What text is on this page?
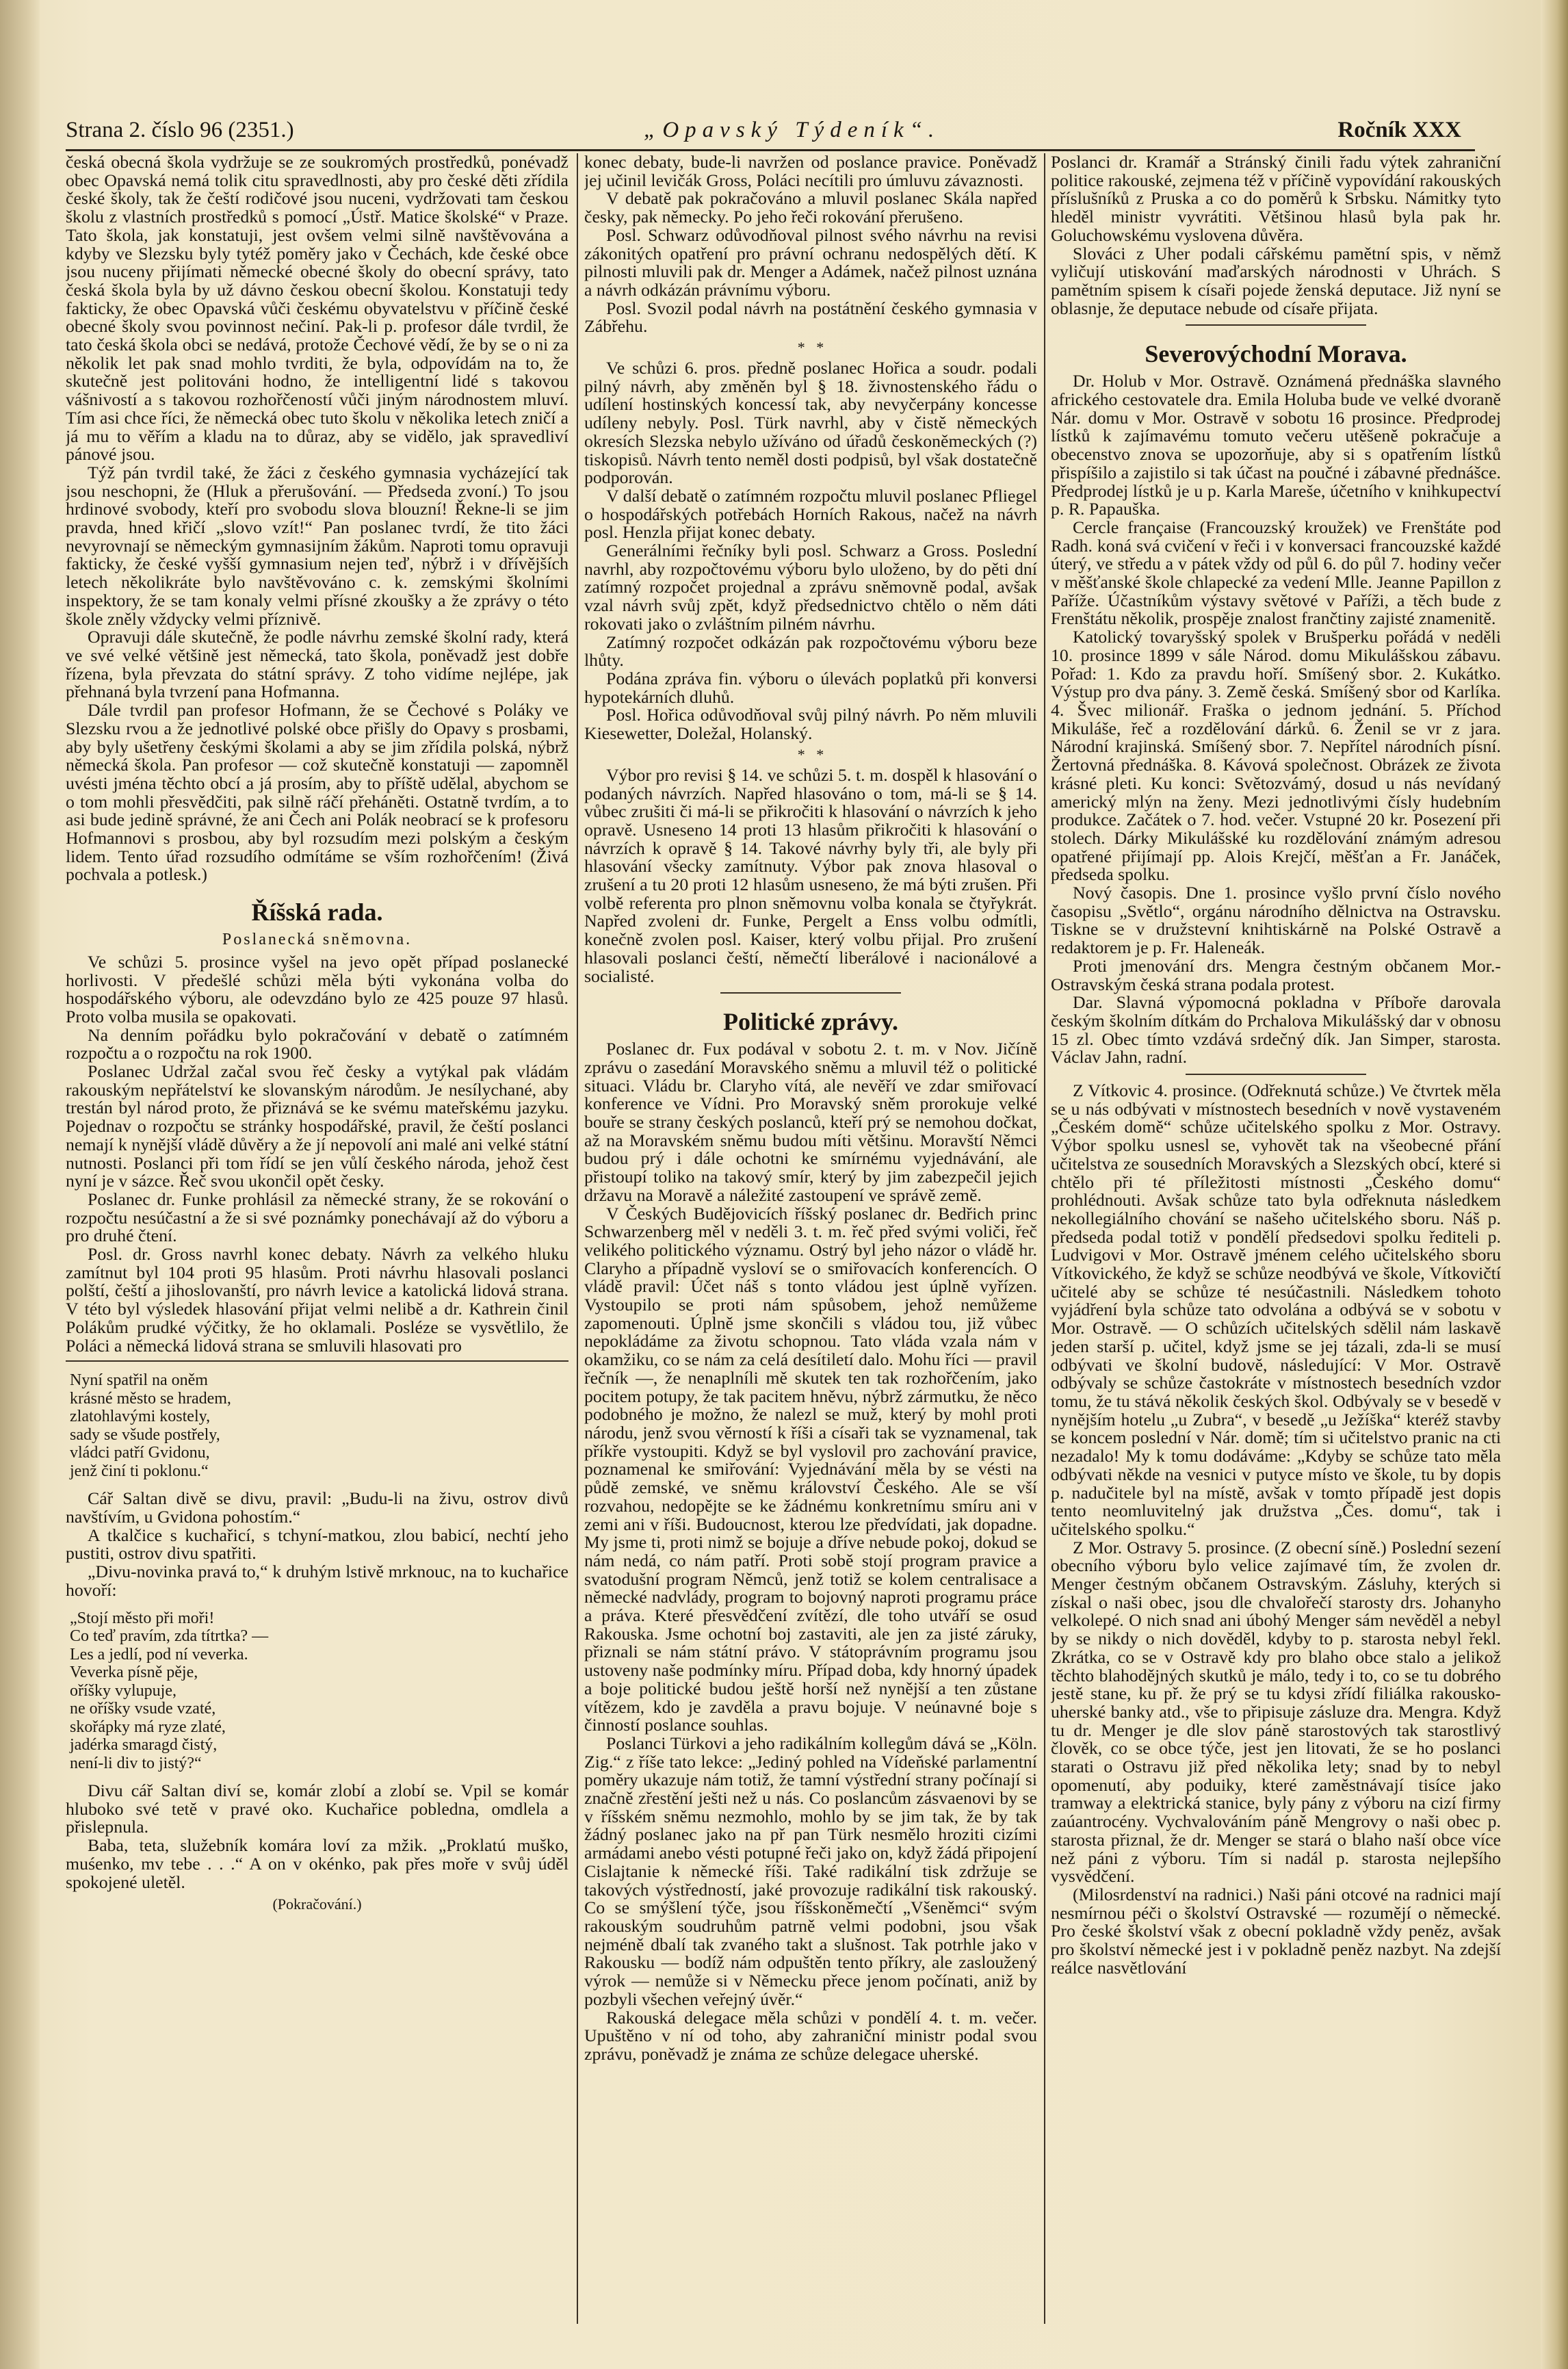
Strana 2. číslo 96 (2351.)	„Opavský Týdeník“.	Ročník XXX

česká obecná škola vydržuje se ze soukromých prostředků, ponévadž obec Opavská nemá tolik citu spravedlnosti, aby pro české děti zřídila české školy, tak že čeští rodičové jsou nuceni, vydržovati tam českou školu z vlastních prostředků s pomocí „Ústř. Matice školské“ v Praze. Tato škola, jak konstatuji, jest ovšem velmi silně navštěvována a kdyby ve Slezsku byly tytéž poměry jako v Čechách, kde české obce jsou nuceny přijímati německé obecné školy do obecní správy, tato česká škola byla by už dávno českou obecní školou. Konstatuji tedy fakticky, že obec Opavská vůči českému obyvatelstvu v příčině české obecné školy svou povinnost nečiní. Pak-li p. profesor dále tvrdil, že tato česká škola obci se nedává, protože Čechové vědí, že by se o ni za několik let pak snad mohlo tvrditi, že byla, odpovídám na to, že skutečně jest politováni hodno, že intelligentní lidé s takovou vášnivostí a s takovou rozhořčeností vůči jiným národnostem mluví. Tím asi chce říci, že německá obec tuto školu v několika letech zničí a já mu to věřím a kladu na to důraz, aby se vidělo, jak spravedliví pánové jsou.

Týž pán tvrdil také, že žáci z českého gymnasia vycházející tak jsou neschopni, že (Hluk a přerušování. — Předseda zvoní.) To jsou hrdinové svobody, kteří pro svobodu slova blouzní! Řekne-li se jim pravda, hned křičí „slovo vzít!“ Pan poslanec tvrdí, že tito žáci nevyrovnají se německým gymnasijním žákům. Naproti tomu opravuji fakticky, že české vyšší gymnasium nejen teď, nýbrž i v dřívějších letech několikráte bylo navštěvováno c. k. zemskými školními inspektory, že se tam konaly velmi přísné zkoušky a že zprávy o této škole zněly vždycky velmi příznivě.

Opravuji dále skutečně, že podle návrhu zemské školní rady, která ve své velké většině jest německá, tato škola, poněvadž jest dobře řízena, byla převzata do státní správy. Z toho vidíme nejlépe, jak přehnaná byla tvrzení pana Hofmanna.

Dále tvrdil pan profesor Hofmann, že se Čechové s Poláky ve Slezsku rvou a že jednotlivé polské obce přišly do Opavy s prosbami, aby byly ušetřeny českými školami a aby se jim zřídila polská, nýbrž německá škola. Pan profesor — což skutečně konstatuji — zapomněl uvésti jména těchto obcí a já prosím, aby to příště udělal, abychom se o tom mohli přesvědčiti, pak silně ráčí přeháněti. Ostatně tvrdím, a to asi bude jedině správné, že ani Čech ani Polák neobrací se k profesoru Hofmannovi s prosbou, aby byl rozsudím mezi polským a českým lidem. Tento úřad rozsudího odmítáme se vším rozhořčením! (Živá pochvala a potlesk.)

Říšská rada.
Poslanecká sněmovna.

Ve schůzi 5. prosince vyšel na jevo opět případ poslanecké horlivosti. V předešlé schůzi měla býti vykonána volba do hospodářského výboru, ale odevzdáno bylo ze 425 pouze 97 hlasů. Proto volba musila se opakovati.

Na denním pořádku bylo pokračování v debatě o zatímném rozpočtu a o rozpočtu na rok 1900.

Poslanec Udržal začal svou řeč česky a vytýkal pak vládám rakouským nepřátelství ke slovanským národům. Je nesílychané, aby trestán byl národ proto, že přiznává se ke svému mateřskému jazyku. Pojednav o rozpočtu se stránky hospodářské, pravil, že čeští poslanci nemají k nynější vládě důvěry a že jí nepovolí ani malé ani velké státní nutnosti. Poslanci při tom řídí se jen vůlí českého národa, jehož čest nyní je v sázce. Řeč svou ukončil opět česky.

Poslanec dr. Funke prohlásil za německé strany, že se rokování o rozpočtu nesúčastní a že si své poznámky ponechávají až do výboru a pro druhé čtení.

Posl. dr. Gross navrhl konec debaty. Návrh za velkého hluku zamítnut byl 104 proti 95 hlasům. Proti návrhu hlasovali poslanci polští, čeští a jihoslovanští, pro návrh levice a katolická lidová strana. V této byl výsledek hlasování přijat velmi nelibě a dr. Kathrein činil Polákům prudké výčitky, že ho oklamali. Posléze se vysvětlilo, že Poláci a německá lidová strana se smluvili hlasovati pro

Nyní spatřil na oněm
krásné město se hradem,
zlatohlavými kostely,
sady se všude postřely,
vládci patří Gvidonu,
jenž činí ti poklonu.“

Cář Saltan divě se divu, pravil: „Budu-li na živu, ostrov divů navštívím, u Gvidona pohostím.“

A tkalčice s kuchařicí, s tchyní-matkou, zlou babicí, nechtí jeho pustiti, ostrov divu spatřiti.

„Divu-novinka pravá to,“ k druhým lstivě mrknouc, na to kuchařice hovoří:

„Stojí město při moři!
Co teď pravím, zda títrtka? —
Les a jedlí, pod ní veverka.
Veverka písně pěje,
oříšky vylupuje,
ne oříšky vsude vzaté,
skořápky má ryze zlaté,
jadérka smaragd čistý,
není-li div to jistý?“

Divu cář Saltan diví se, komár zlobí a zlobí se. Vpil se komár hluboko své tetě v pravé oko. Kuchařice pobledna, omdlela a přislepnula.

Baba, teta, služebník komára loví za mžik. „Proklatú muško, muśenko, mv tebe . . .“ A on v okénko, pak přes moře v svůj úděl spokojené uletěl.

(Pokračování.)

konec debaty, bude-li navržen od poslance pravice. Poněvadž jej učinil levičák Gross, Poláci necítili pro úmluvu závaznosti.

V debatě pak pokračováno a mluvil poslanec Skála napřed česky, pak německy. Po jeho řeči rokování přerušeno.

Posl. Schwarz odůvodňoval pilnost svého návrhu na revisi zákonitých opatření pro právní ochranu nedospělých dětí. K pilnosti mluvili pak dr. Menger a Adámek, načež pilnost uznána a návrh odkázán právnímu výboru.

Posl. Svozil podal návrh na postátnění českého gymnasia v Zábřehu.

*   *

Ve schůzi 6. pros. předně poslanec Hořica a soudr. podali pilný návrh, aby změněn byl § 18. živnostenského řádu o udílení hostinských koncessí tak, aby nevyčerpány koncesse udíleny nebyly. Posl. Türk navrhl, aby v čistě německých okresích Slezska nebylo užíváno od úřadů českoněmeckých (?) tiskopisů. Návrh tento neměl dosti podpisů, byl však dostatečně podporován.

V další debatě o zatímném rozpočtu mluvil poslanec Pfliegel o hospodářských potřebách Horních Rakous, načež na návrh posl. Henzla přijat konec debaty.

Generálními řečníky byli posl. Schwarz a Gross. Poslední navrhl, aby rozpočtovému výboru bylo uloženo, by do pěti dní zatímný rozpočet projednal a zprávu sněmovně podal, avšak vzal návrh svůj zpět, když předsednictvo chtělo o něm dáti rokovati jako o zvláštním pilném návrhu.

Zatímný rozpočet odkázán pak rozpočtovému výboru beze lhůty.

Podána zpráva fin. výboru o úlevách poplatků při konversi hypotekárních dluhů.

Posl. Hořica odůvodňoval svůj pilný návrh. Po něm mluvili Kiesewetter, Doležal, Holanský.

*   *

Výbor pro revisi § 14. ve schůzi 5. t. m. dospěl k hlasování o podaných návrzích. Napřed hlasováno o tom, má-li se § 14. vůbec zrušiti či má-li se přikročiti k hlasování o návrzích k jeho opravě. Usneseno 14 proti 13 hlasům přikročiti k hlasování o návrzích k opravě § 14. Takové návrhy byly tři, ale byly při hlasování všecky zamítnuty. Výbor pak znova hlasoval o zrušení a tu 20 proti 12 hlasům usneseno, že má býti zrušen. Při volbě referenta pro plnon sněmovnu volba konala se čtyřykrát. Napřed zvoleni dr. Funke, Pergelt a Enss volbu odmítli, konečně zvolen posl. Kaiser, který volbu přijal. Pro zrušení hlasovali poslanci čeští, němečtí liberálové i nacionálové a socialisté.

Politické zprávy.

Poslanec dr. Fux podával v sobotu 2. t. m. v Nov. Jičíně zprávu o zasedání Moravského sněmu a mluvil též o politické situaci. Vládu br. Claryho vítá, ale nevěří ve zdar smiřovací konference ve Vídni. Pro Moravský sněm prorokuje velké bouře se strany českých poslanců, kteří prý se nemohou dočkat, až na Moravském sněmu budou míti většinu. Moravští Němci budou prý i dále ochotni ke smírnému vyjednávání, ale přistoupí toliko na takový smír, který by jim zabezpečil jejich državu na Moravě a náležité zastoupení ve správě země.

V Českých Budějovicích říšský poslanec dr. Bedřich princ Schwarzenberg měl v neděli 3. t. m. řeč před svými voliči, řeč velikého politického významu. Ostrý byl jeho názor o vládě hr. Claryho a případně vysloví se o smiřovacích konferencích. O vládě pravil: Účet náš s tonto vládou jest úplně vyřízen. Vystoupilo se proti nám spůsobem, jehož nemůžeme zapomenouti. Úplně jsme skončili s vládou tou, již vůbec nepokládáme za životu schopnou. Tato vláda vzala nám v okamžiku, co se nám za celá desítiletí dalo. Mohu říci — pravil řečník —, že nenaplníli mě skutek ten tak rozhořčením, jako pocitem potupy, že tak pacitem hněvu, nýbrž zármutku, že něco podobného je možno, že nalezl se muž, který by mohl proti národu, jenž svou věrností k říši a císaři tak se vyznamenal, tak příkře vystoupiti. Když se byl vyslovil pro zachování pravice, poznamenal ke smiřování: Vyjednávání měla by se vésti na půdě zemské, ve sněmu království Českého. Ale se vší rozvahou, nedopějte se ke žádnému konkretnímu smíru ani v zemi ani v říši. Budoucnost, kterou lze předvídati, jak dopadne. My jsme ti, proti nimž se bojuje a dříve nebude pokoj, dokud se nám nedá, co nám patří. Proti sobě stojí program pravice a svatodušní program Němců, jenž totiž se kolem centralisace a německé nadvlády, program to bojovný naproti programu práce a práva. Které přesvědčení zvítězí, dle toho utváří se osud Rakouska. Jsme ochotní boj zastaviti, ale jen za jisté záruky, přiznali se nám státní právo. V státoprávním programu jsou ustoveny naše podmínky míru. Případ doba, kdy hnorný úpadek a boje politické budou ještě horší než nynější a ten zůstane vítězem, kdo je zavděla a pravu bojuje. V neúnavné boje s činností poslance souhlas.

Poslanci Türkovi a jeho radikálním kollegům dává se „Köln. Zig.“ z říše tato lekce: „Jediný pohled na Vídeňské parlamentní poměry ukazuje nám totiž, že tamní výstřední strany počínají si značně zřestění ješti než u nás. Co poslancům zásvaenovi by se v říšském sněmu nezmohlo, mohlo by se jim tak, že by tak žádný poslanec jako na př pan Türk nesmělo hroziti cizími armádami anebo vésti potupné řeči jako on, když žádá připojení Cislajtanie k německé říši. Také radikální tisk zdržuje se takových výstředností, jaké provozuje radikální tisk rakouský. Co se smýšlení týče, jsou říšskoněmečtí „Všeněmci“ svým rakouským soudruhům patrně velmi podobni, jsou však nejméně dbalí tak zvaného takt a slušnost. Tak potrhle jako v Rakousku — bodíž nám odpuštěn tento příkry, ale zasloužený výrok — nemůže si v Německu přece jenom počínati, aniž by pozbyli všechen veřejný úvěr.“

Rakouská delegace měla schůzi v pondělí 4. t. m. večer. Upuštěno v ní od toho, aby zahraniční ministr podal svou zprávu, poněvadž je známa ze schůze delegace uherské.

Poslanci dr. Kramář a Stránský činili řadu výtek zahraniční politice rakouské, zejmena též v příčině vypovídání rakouských příslušníků z Pruska a co do poměrů k Srbsku. Námitky tyto hleděl ministr vyvrátiti. Většinou hlasů byla pak hr. Goluchowskému vyslovena důvěra.

Slováci z Uher podali cářskému pamětní spis, v němž vyličují utiskování maďarských národnosti v Uhrách. S pamětním spisem k císaři pojede ženská deputace. Již nyní se oblasnje, že deputace nebude od císaře přijata.

Severovýchodní Morava.

Dr. Holub v Mor. Ostravě. Oznámená přednáška slavného afrického cestovatele dra. Emila Holuba bude ve velké dvoraně Nár. domu v Mor. Ostravě v sobotu 16 prosince. Předprodej lístků k zajímavému tomuto večeru utěšeně pokračuje a obecenstvo znova se upozorňuje, aby si s opatřením lístků přispíšilo a zajistilo si tak účast na poučné i zábavné přednášce. Předprodej lístků je u p. Karla Mareše, účetního v knihkupectví p. R. Papauška.

Cercle française (Francouzský kroužek) ve Frenštáte pod Radh. koná svá cvičení v řeči i v konversaci francouzské každé úterý, ve středu a v pátek vždy od půl 6. do půl 7. hodiny večer v měšťanské škole chlapecké za vedení Mlle. Jeanne Papillon z Paříže. Účastníkům výstavy světové v Paříži, a těch bude z Frenštátu několik, prospěje znalost frančtiny zajisté znamenitě.

Katolický tovaryšský spolek v Brušperku pořádá v neděli 10. prosince 1899 v sále Národ. domu Mikulášskou zábavu. Pořad: 1. Kdo za pravdu hoří. Smíšený sbor. 2. Kukátko. Výstup pro dva pány. 3. Země česká. Smíšený sbor od Karlíka. 4. Švec milionář. Fraška o jednom jednání. 5. Příchod Mikuláše, řeč a rozdělování dárků. 6. Ženil se vr z jara. Národní krajinská. Smíšený sbor. 7. Nepřítel národních písní. Žertovná přednáška. 8. Kávová společnost. Obrázek ze života krásné pleti. Ku konci: Světozvámý, dosud u nás nevídaný americký mlýn na ženy. Mezi jednotlivými čísly hudebním produkce. Začátek o 7. hod. večer. Vstupné 20 kr. Posezení při stolech. Dárky Mikulášské ku rozdělování známým adresou opatřené přijímají pp. Alois Krejčí, měšťan a Fr. Janáček, předseda spolku.

Nový časopis. Dne 1. prosince vyšlo první číslo nového časopisu „Světlo“, orgánu národního dělnictva na Ostravsku. Tiskne se v družstevní knihtiskárně na Polské Ostravě a redaktorem je p. Fr. Haleneák.

Proti jmenování drs. Mengra čestným občanem Mor.-Ostravským česká strana podala protest.

Dar. Slavná výpomocná pokladna v Příboře darovala českým školním dítkám do Prchalova Mikulášský dar v obnosu 15 zl. Obec tímto vzdává srdečný dík. Jan Simper, starosta. Václav Jahn, radní.

Z Vítkovic 4. prosince. (Odřeknutá schůze.) Ve čtvrtek měla se u nás odbývati v místnostech besedních v nově vystaveném „Českém domě“ schůze učitelského spolku z Mor. Ostravy. Výbor spolku usnesl se, vyhovět tak na všeobecné přání učitelstva ze sousedních Moravských a Slezských obcí, které si chtělo při té příležitosti místnosti „Českého domu“ prohlédnouti. Avšak schůze tato byla odřeknuta následkem nekollegiálního chování se našeho učitelského sboru. Náš p. předseda podal totiž v pondělí předsedovi spolku řediteli p. Ludvigovi v Mor. Ostravě jménem celého učitelského sboru Vítkovického, že když se schůze neodbývá ve škole, Vítkovičtí učitelé aby se schůze té nesúčastnili. Následkem tohoto vyjádření byla schůze tato odvolána a odbývá se v sobotu v Mor. Ostravě. — O schůzích učitelských sdělil nám laskavě jeden starší p. učitel, když jsme se jej tázali, zda-li se musí odbývati ve školní budově, následující: V Mor. Ostravě odbývaly se schůze častokráte v místnostech besedních vzdor tomu, že tu stává několik českých škol. Odbývaly se v besedě v nynějším hotelu „u Zubra“, v besedě „u Ježíška“ kteréž stavby se koncem poslední v Nár. domě; tím si učitelstvo pranic na cti nezadalo! My k tomu dodáváme: „Kdyby se schůze tato měla odbývati někde na vesnici v putyce místo ve škole, tu by dopis p. nadučitele byl na místě, avšak v tomto případě jest dopis tento neomluvitelný jak družstva „Čes. domu“, tak i učitelského spolku.“

Z Mor. Ostravy 5. prosince. (Z obecní síně.) Poslední sezení obecního výboru bylo velice zajímavé tím, že zvolen dr. Menger čestným občanem Ostravským. Zásluhy, kterých si získal o naši obec, jsou dle chvalořečí starosty drs. Johanyho velkolepé. O nich snad ani úbohý Menger sám nevěděl a nebyl by se nikdy o nich dověděl, kdyby to p. starosta nebyl řekl. Zkrátka, co se v Ostravě kdy pro blaho obce stalo a jelikož těchto blahodějných skutků je málo, tedy i to, co se tu dobrého jestě stane, ku př. že prý se tu kdysi zřídí filiálka rakousko-uherské banky atd., vše to připisuje zásluze dra. Mengra. Když tu dr. Menger je dle slov páně starostových tak starostlivý člověk, co se obce týče, jest jen litovati, že se ho poslanci starati o Ostravu již před několika lety; snad by to nebyl opomenutí, aby poduiky, které zaměstnávají tisíce jako tramway a elektrická stanice, byly pány z výboru na cizí firmy zaúantrocény. Vychvalováním páně Mengrovy o naši obec p. starosta přiznal, že dr. Menger se stará o blaho naší obce více než páni z výboru. Tím si nadál p. starosta nejlepšího vysvědčení.

(Milosrdenství na radnici.) Naši páni otcové na radnici mají nesmírnou péči o školství Ostravské — rozumějí o německé. Pro české školství však z obecní pokladně vždy peněz, avšak pro školství německé jest i v pokladně peněz nazbyt. Na zdejší reálce nasvětlování
